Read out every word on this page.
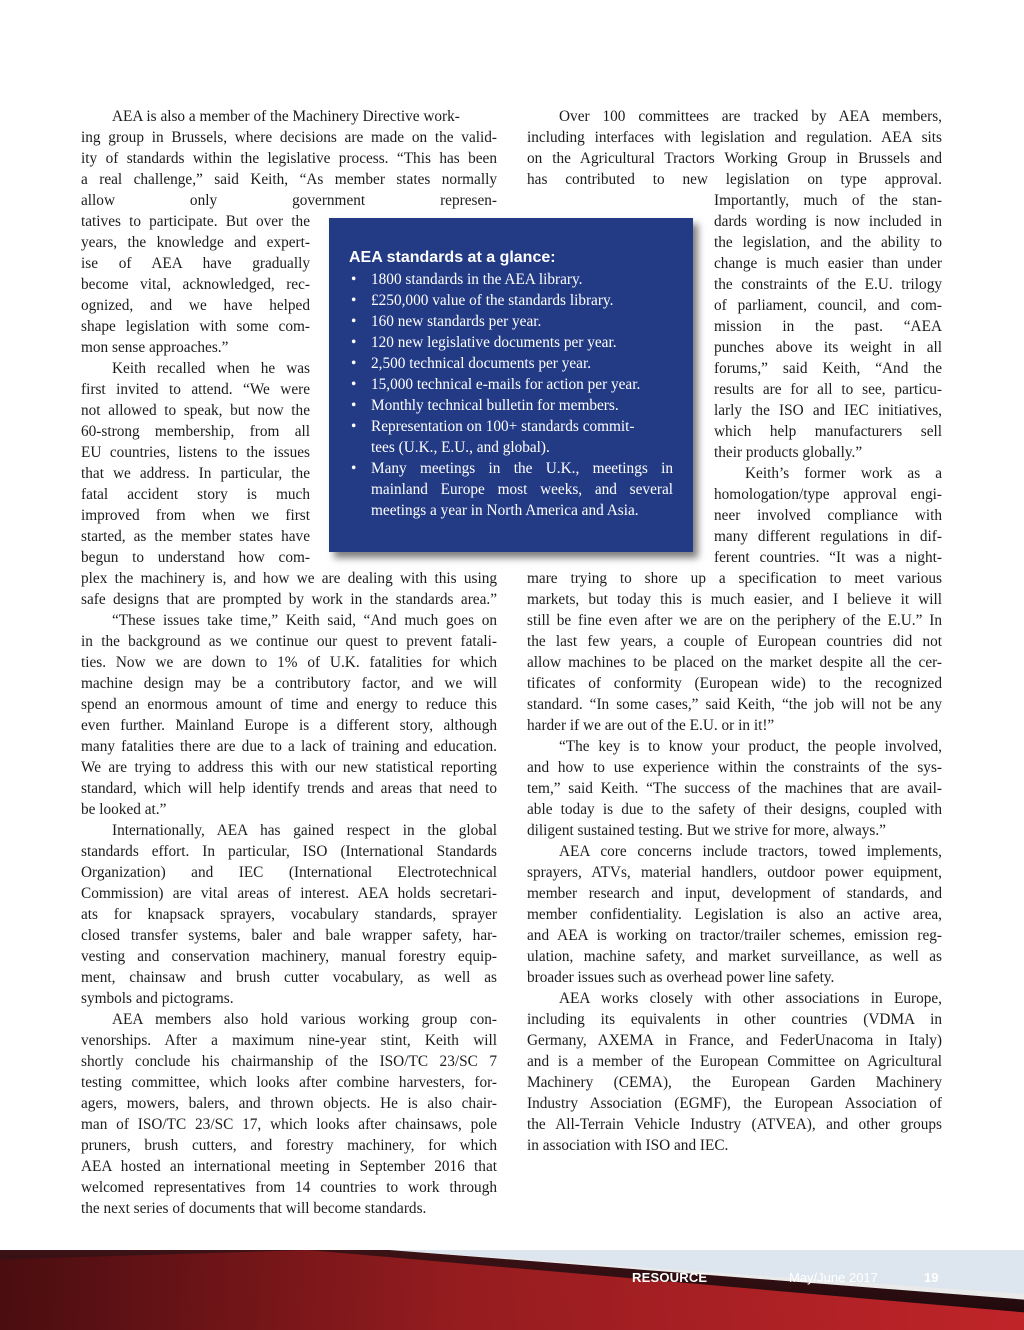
AEA is also a member of the Machinery Directive work-
ing group in Brussels, where decisions are made on the valid-
ity of standards within the legislative process. “This has been
a real challenge,” said Keith, “As member states normally
allow only government represen-
tatives to participate. But over the
years, the knowledge and expert-
ise of AEA have gradually
become vital, acknowledged, rec-
ognized, and we have helped
shape legislation with some com-
mon sense approaches.”
Keith recalled when he was
first invited to attend. “We were
not allowed to speak, but now the
60-strong membership, from all
EU countries, listens to the issues
that we address. In particular, the
fatal accident story is much
improved from when we first
started, as the member states have
begun to understand how com-
plex the machinery is, and how we are dealing with this using
safe designs that are prompted by work in the standards area.”
“These issues take time,” Keith said, “And much goes on
in the background as we continue our quest to prevent fatali-
ties. Now we are down to 1% of U.K. fatalities for which
machine design may be a contributory factor, and we will
spend an enormous amount of time and energy to reduce this
even further. Mainland Europe is a different story, although
many fatalities there are due to a lack of training and education.
We are trying to address this with our new statistical reporting
standard, which will help identify trends and areas that need to
be looked at.”
Internationally, AEA has gained respect in the global
standards effort. In particular, ISO (International Standards
Organization) and IEC (International Electrotechnical
Commission) are vital areas of interest. AEA holds secretari-
ats for knapsack sprayers, vocabulary standards, sprayer
closed transfer systems, baler and bale wrapper safety, har-
vesting and conservation machinery, manual forestry equip-
ment, chainsaw and brush cutter vocabulary, as well as
symbols and pictograms.
AEA members also hold various working group con-
venorships. After a maximum nine-year stint, Keith will
shortly conclude his chairmanship of the ISO/TC 23/SC 7
testing committee, which looks after combine harvesters, for-
agers, mowers, balers, and thrown objects. He is also chair-
man of ISO/TC 23/SC 17, which looks after chainsaws, pole
pruners, brush cutters, and forestry machinery, for which
AEA hosted an international meeting in September 2016 that
welcomed representatives from 14 countries to work through
the next series of documents that will become standards.
Over 100 committees are tracked by AEA members,
including interfaces with legislation and regulation. AEA sits
on the Agricultural Tractors Working Group in Brussels and
has contributed to new legislation on type approval.
Importantly, much of the stan-
dards wording is now included in
the legislation, and the ability to
change is much easier than under
the constraints of the E.U. trilogy
of parliament, council, and com-
mission in the past. “AEA
punches above its weight in all
forums,” said Keith, “And the
results are for all to see, particu-
larly the ISO and IEC initiatives,
which help manufacturers sell
their products globally.”
Keith’s former work as a
homologation/type approval engi-
neer involved compliance with
many different regulations in dif-
ferent countries. “It was a night-
mare trying to shore up a specification to meet various
markets, but today this is much easier, and I believe it will
still be fine even after we are on the periphery of the E.U.” In
the last few years, a couple of European countries did not
allow machines to be placed on the market despite all the cer-
tificates of conformity (European wide) to the recognized
standard. “In some cases,” said Keith, “the job will not be any
harder if we are out of the E.U. or in it!”
“The key is to know your product, the people involved,
and how to use experience within the constraints of the sys-
tem,” said Keith. “The success of the machines that are avail-
able today is due to the safety of their designs, coupled with
diligent sustained testing. But we strive for more, always.”
AEA core concerns include tractors, towed implements,
sprayers, ATVs, material handlers, outdoor power equipment,
member research and input, development of standards, and
member confidentiality. Legislation is also an active area,
and AEA is working on tractor/trailer schemes, emission reg-
ulation, machine safety, and market surveillance, as well as
broader issues such as overhead power line safety.
AEA works closely with other associations in Europe,
including its equivalents in other countries (VDMA in
Germany, AXEMA in France, and FederUnacoma in Italy)
and is a member of the European Committee on Agricultural
Machinery (CEMA), the European Garden Machinery
Industry Association (EGMF), the European Association of
the All-Terrain Vehicle Industry (ATVEA), and other groups
in association with ISO and IEC.
AEA standards at a glance:
• 1800 standards in the AEA library.
• £250,000 value of the standards library.
• 160 new standards per year.
• 120 new legislative documents per year.
• 2,500 technical documents per year.
• 15,000 technical e-mails for action per year.
• Monthly technical bulletin for members.
• Representation on 100+ standards commit-
tees (U.K., E.U., and global).
• Many meetings in the U.K., meetings in
mainland Europe most weeks, and several
meetings a year in North America and Asia.
RESOURCE	May/June 2017	19
